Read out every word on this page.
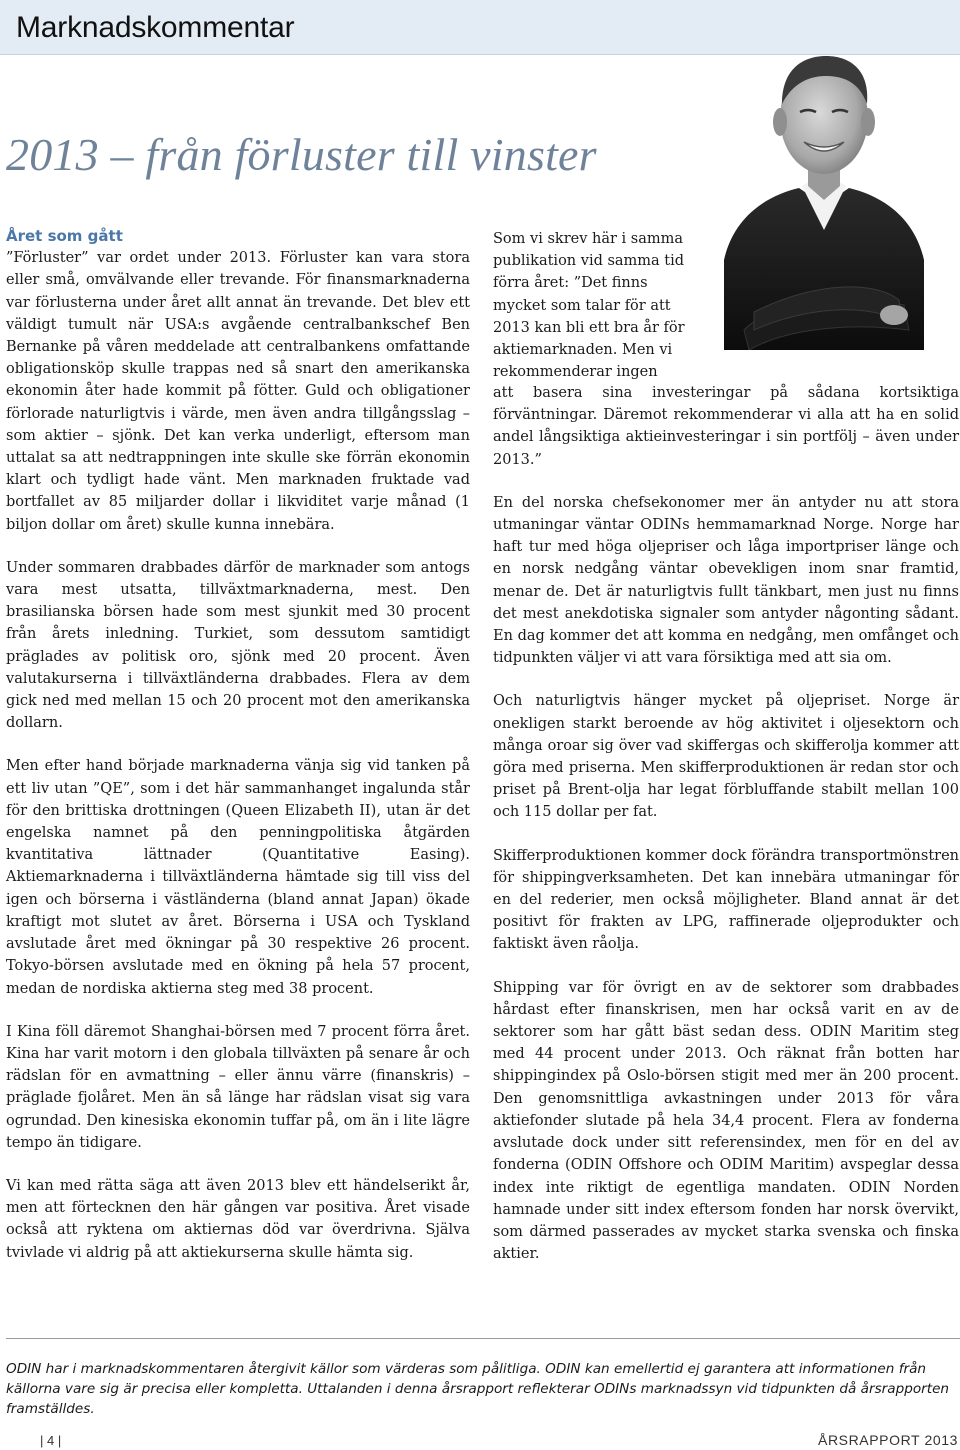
Marknadskommentar
2013 – från förluster till vinster

Året som gått
”Förluster” var ordet under 2013. Förluster kan vara stora eller små, omvälvande eller trevande. För finansmarknaderna var förlusterna under året allt annat än trevande. Det blev ett väldigt tumult när USA:s avgående centralbankschef Ben Bernanke på våren meddelade att centralbankens omfattande obligationsköp skulle trappas ned så snart den amerikanska ekonomin åter hade kommit på fötter. Guld och obligationer förlorade naturligtvis i värde, men även andra tillgångsslag – som aktier – sjönk. Det kan verka underligt, eftersom man uttalat sa att nedtrappningen inte skulle ske förrän ekonomin klart och tydligt hade vänt. Men marknaden fruktade vad bortfallet av 85 miljarder dollar i likviditet varje månad (1 biljon dollar om året) skulle kunna innebära.

Under sommaren drabbades därför de marknader som antogs vara mest utsatta, tillväxtmarknaderna, mest. Den brasilianska börsen hade som mest sjunkit med 30 procent från årets inledning. Turkiet, som dessutom samtidigt präglades av politisk oro, sjönk med 20 procent. Även valutakurserna i tillväxtländerna drabbades. Flera av dem gick ned med mellan 15 och 20 procent mot den amerikanska dollarn.

Men efter hand började marknaderna vänja sig vid tanken på ett liv utan ”QE”, som i det här sammanhanget ingalunda står för den brittiska drottningen (Queen Elizabeth II), utan är det engelska namnet på den penningpolitiska åtgärden kvantitativa lättnader (Quantitative Easing). Aktiemarknaderna i tillväxtländerna hämtade sig till viss del igen och börserna i västländerna (bland annat Japan) ökade kraftigt mot slutet av året. Börserna i USA och Tyskland avslutade året med ökningar på 30 respektive 26 procent. Tokyo-börsen avslutade med en ökning på hela 57 procent, medan de nordiska aktierna steg med 38 procent.

I Kina föll däremot Shanghai-börsen med 7 procent förra året. Kina har varit motorn i den globala tillväxten på senare år och rädslan för en avmattning – eller ännu värre (finanskris) – präglade fjolåret. Men än så länge har rädslan visat sig vara ogrundad. Den kinesiska ekonomin tuffar på, om än i lite lägre tempo än tidigare.

Vi kan med rätta säga att även 2013 blev ett händelserikt år, men att förtecknen den här gången var positiva. Året visade också att ryktena om aktiernas död var överdrivna. Själva tvivlade vi aldrig på att aktiekurserna skulle hämta sig.

Som vi skrev här i samma publikation vid samma tid förra året: ”Det finns mycket som talar för att 2013 kan bli ett bra år för aktiemarknaden. Men vi rekommenderar ingen

att basera sina investeringar på sådana kortsiktiga förväntningar. Däremot rekommenderar vi alla att ha en solid andel långsiktiga aktieinvesteringar i sin portfölj – även under 2013.”

En del norska chefsekonomer mer än antyder nu att stora utmaningar väntar ODINs hemmamarknad Norge. Norge har haft tur med höga oljepriser och låga importpriser länge och en norsk nedgång väntar obevekligen inom snar framtid, menar de. Det är naturligtvis fullt tänkbart, men just nu finns det mest anekdotiska signaler som antyder någonting sådant. En dag kommer det att komma en nedgång, men omfånget och tidpunkten väljer vi att vara försiktiga med att sia om.

Och naturligtvis hänger mycket på oljepriset. Norge är onekligen starkt beroende av hög aktivitet i oljesektorn och många oroar sig över vad skiffergas och skifferolja kommer att göra med priserna. Men skifferproduktionen är redan stor och priset på Brent-olja har legat förbluffande stabilt mellan 100 och 115 dollar per fat.

Skifferproduktionen kommer dock förändra transportmönstren för shippingverksamheten. Det kan innebära utmaningar för en del rederier, men också möjligheter. Bland annat är det positivt för frakten av LPG, raffinerade oljeprodukter och faktiskt även råolja.

Shipping var för övrigt en av de sektorer som drabbades hårdast efter finanskrisen, men har också varit en av de sektorer som har gått bäst sedan dess. ODIN Maritim steg med 44 procent under 2013. Och räknat från botten har shippingindex på Oslo-börsen stigit med mer än 200 procent. Den genomsnittliga avkastningen under 2013 för våra aktiefonder slutade på hela 34,4 procent. Flera av fonderna avslutade dock under sitt referensindex, men för en del av fonderna (ODIN Offshore och ODIM Maritim) avspeglar dessa index inte riktigt de egentliga mandaten. ODIN Norden hamnade under sitt index eftersom fonden har norsk övervikt, som därmed passerades av mycket starka svenska och finska aktier.

ODIN har i marknadskommentaren återgivit källor som värderas som pålitliga. ODIN kan emellertid ej garantera att informationen från källorna vare sig är precisa eller kompletta. Uttalanden i denna årsrapport reflekterar ODINs marknadssyn vid tidpunkten då årsrapporten framställdes.
| 4 |	ÅRSRAPPORT 2013
